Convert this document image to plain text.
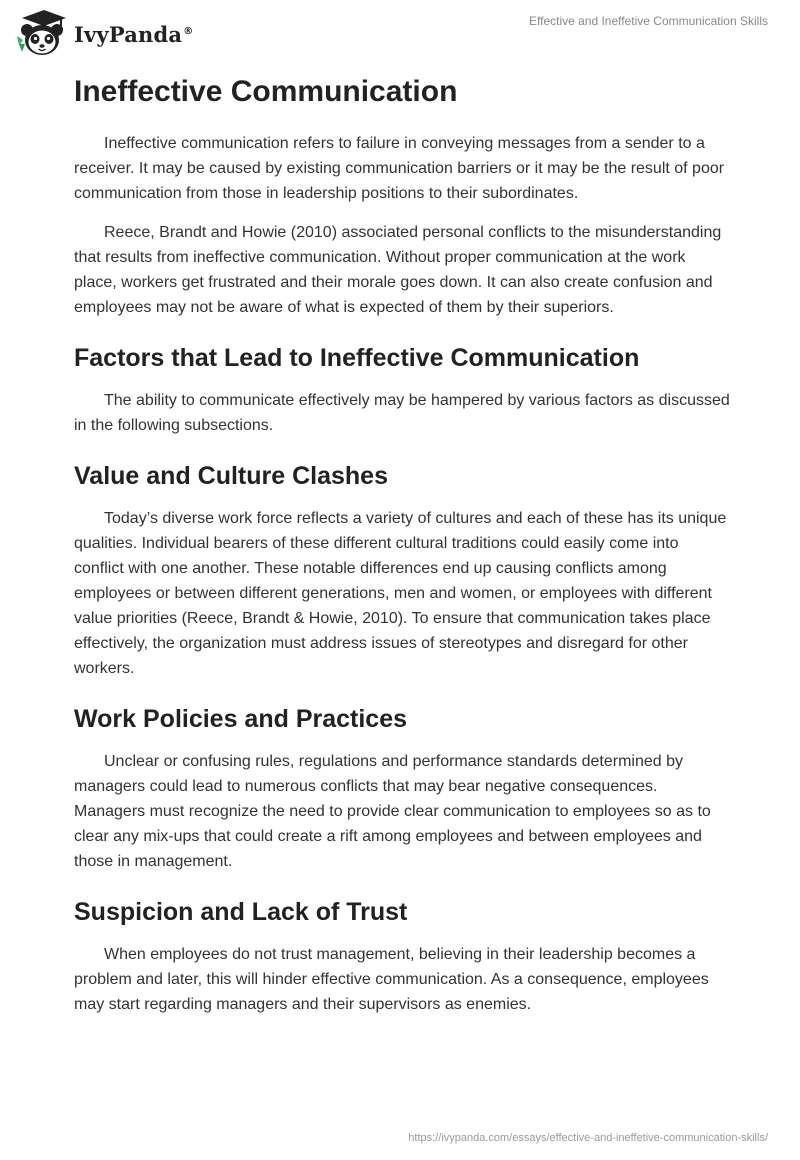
IvyPanda®
Effective and Ineffetive Communication Skills
Ineffective Communication

Ineffective communication refers to failure in conveying messages from a sender to a receiver. It may be caused by existing communication barriers or it may be the result of poor communication from those in leadership positions to their subordinates.

Reece, Brandt and Howie (2010) associated personal conflicts to the misunderstanding that results from ineffective communication. Without proper communication at the work place, workers get frustrated and their morale goes down. It can also create confusion and employees may not be aware of what is expected of them by their superiors.

Factors that Lead to Ineffective Communication

The ability to communicate effectively may be hampered by various factors as discussed in the following subsections.

Value and Culture Clashes

Today’s diverse work force reflects a variety of cultures and each of these has its unique qualities. Individual bearers of these different cultural traditions could easily come into conflict with one another. These notable differences end up causing conflicts among employees or between different generations, men and women, or employees with different value priorities (Reece, Brandt & Howie, 2010). To ensure that communication takes place effectively, the organization must address issues of stereotypes and disregard for other workers.

Work Policies and Practices

Unclear or confusing rules, regulations and performance standards determined by managers could lead to numerous conflicts that may bear negative consequences. Managers must recognize the need to provide clear communication to employees so as to clear any mix-ups that could create a rift among employees and between employees and those in management.

Suspicion and Lack of Trust

When employees do not trust management, believing in their leadership becomes a problem and later, this will hinder effective communication. As a consequence, employees may start regarding managers and their supervisors as enemies.

https://ivypanda.com/essays/effective-and-ineffetive-communication-skills/
